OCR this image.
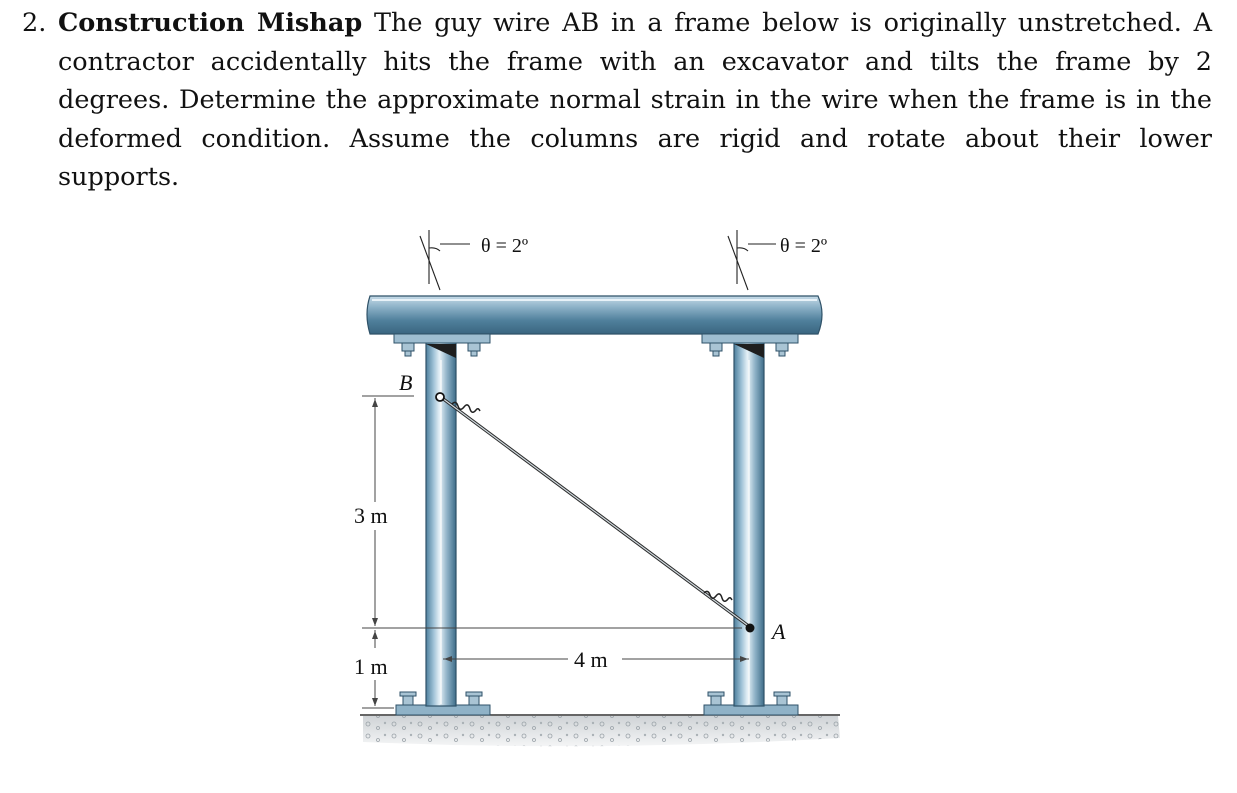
2. Construction Mishap The guy wire AB in a frame below is originally unstretched. A contractor accidentally hits the frame with an excavator and tilts the frame by 2 degrees. Determine the approximate normal strain in the wire when the frame is in the deformed condition. Assume the columns are rigid and rotate about their lower supports.
θ = 2º	θ = 2º
B
A
3 m
1 m	4 m
